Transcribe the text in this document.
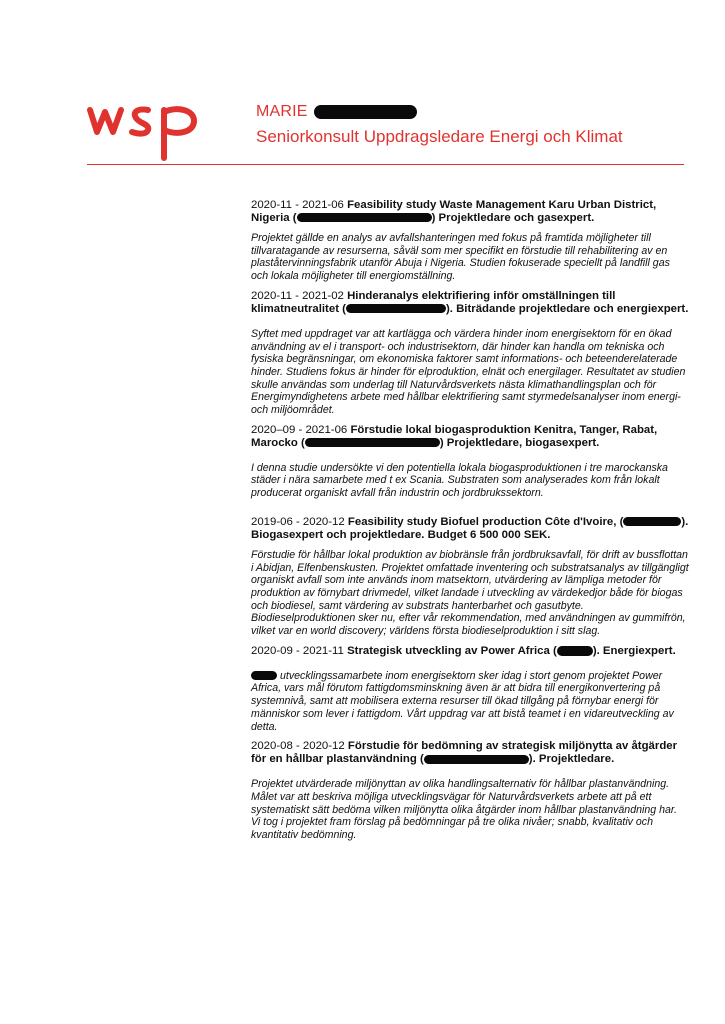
MARIE
Seniorkonsult Uppdragsledare Energi och Klimat

2020-11 - 2021-06 Feasibility study Waste Management Karu Urban District, Nigeria (	) Projektledare och gasexpert.

Projektet gällde en analys av avfallshanteringen med fokus på framtida möjligheter till tillvaratagande av resurserna, såväl som mer specifikt en förstudie till rehabilitering av en plaståtervinningsfabrik utanför Abuja i Nigeria. Studien fokuserade speciellt på landfill gas och lokala möjligheter till energiomställning.

2020-11 - 2021-02 Hinderanalys elektrifiering inför omställningen till klimatneutralitet (	). Biträdande projektledare och energiexpert.

Syftet med uppdraget var att kartlägga och värdera hinder inom energisektorn för en ökad användning av el i transport- och industrisektorn, där hinder kan handla om tekniska och fysiska begränsningar, om ekonomiska faktorer samt informations- och beteenderelaterade hinder. Studiens fokus är hinder för elproduktion, elnät och energilager. Resultatet av studien skulle användas som underlag till Naturvårdsverkets nästa klimathandlingsplan och för Energimyndighetens arbete med hållbar elektrifiering samt styrmedelsanalyser inom energi- och miljöområdet.

2020–09 - 2021-06 Förstudie lokal biogasproduktion Kenitra, Tanger, Rabat, Marocko (	) Projektledare, biogasexpert.

I denna studie undersökte vi den potentiella lokala biogasproduktionen i tre marockanska städer i nära samarbete med t ex Scania. Substraten som analyserades kom från lokalt producerat organiskt avfall från industrin och jordbrukssektorn.

2019-06 - 2020-12 Feasibility study Biofuel production Côte d'Ivoire, (	). Biogasexpert och projektledare. Budget 6 500 000 SEK.

Förstudie för hållbar lokal produktion av biobränsle från jordbruksavfall, för drift av bussflottan i Abidjan, Elfenbenskusten. Projektet omfattade inventering och substratsanalys av tillgängligt organiskt avfall som inte används inom matsektorn, utvärdering av lämpliga metoder för produktion av förnybart drivmedel, vilket landade i utveckling av värdekedjor både för biogas och biodiesel, samt värdering av substrats hanterbarhet och gasutbyte. Biodieselproduktionen sker nu, efter vår rekommendation, med användningen av gummifrön, vilket var en world discovery; världens första biodieselproduktion i sitt slag.

2020-09 - 2021-11 Strategisk utveckling av Power Africa (	). Energiexpert.

utvecklingssamarbete inom energisektorn sker idag i stort genom projektet Power Africa, vars mål förutom fattigdomsminskning även är att bidra till energikonvertering på systemnivå, samt att mobilisera externa resurser till ökad tillgång på förnybar energi för människor som lever i fattigdom. Vårt uppdrag var att bistå teamet i en vidareutveckling av detta.

2020-08 - 2020-12 Förstudie för bedömning av strategisk miljönytta av åtgärder för en hållbar plastanvändning (	). Projektledare.

Projektet utvärderade miljönyttan av olika handlingsalternativ för hållbar plastanvändning. Målet var att beskriva möjliga utvecklingsvägar för Naturvårdsverkets arbete att på ett systematiskt sätt bedöma vilken miljönytta olika åtgärder inom hållbar plastanvändning har. Vi tog i projektet fram förslag på bedömningar på tre olika nivåer; snabb, kvalitativ och kvantitativ bedömning.
